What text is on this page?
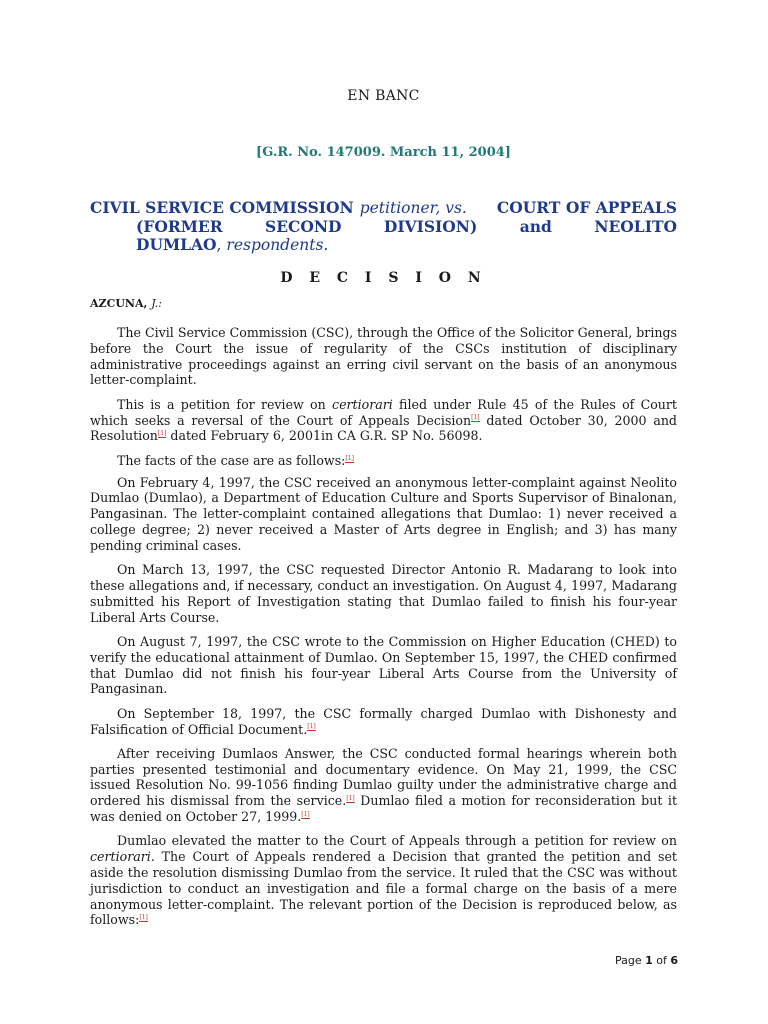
EN BANC
[G.R. No. 147009. March 11, 2004]
CIVIL SERVICE COMMISSION petitioner, vs. COURT OF APPEALS
(FORMER	SECOND	DIVISION)	and	NEOLITO
DUMLAO , respondents.
D E C I S I O N
AZCUNA, J.:

The Civil Service Commission (CSC), through the Office of the Solicitor General, brings before the Court the issue of regularity of the CSCs institution of disciplinary administrative proceedings against an erring civil servant on the basis of an anonymous letter-complaint.

This is a petition for review on certiorari filed under Rule 45 of the Rules of Court which seeks a reversal of the Court of Appeals Decision[1] dated October 30, 2000 and Resolution[1] dated February 6, 2001in CA G.R. SP No. 56098.

The facts of the case are as follows:[1]

On February 4, 1997, the CSC received an anonymous letter-complaint against Neolito Dumlao (Dumlao), a Department of Education Culture and Sports Supervisor of Binalonan, Pangasinan. The letter-complaint contained allegations that Dumlao: 1) never received a college degree; 2) never received a Master of Arts degree in English; and 3) has many pending criminal cases.

On March 13, 1997, the CSC requested Director Antonio R. Madarang to look into these allegations and, if necessary, conduct an investigation. On August 4, 1997, Madarang submitted his Report of Investigation stating that Dumlao failed to finish his four-year Liberal Arts Course.

On August 7, 1997, the CSC wrote to the Commission on Higher Education (CHED) to verify the educational attainment of Dumlao. On September 15, 1997, the CHED confirmed that Dumlao did not finish his four-year Liberal Arts Course from the University of Pangasinan.

On September 18, 1997, the CSC formally charged Dumlao with Dishonesty and Falsification of Official Document.[1]

After receiving Dumlaos Answer, the CSC conducted formal hearings wherein both parties presented testimonial and documentary evidence. On May 21, 1999, the CSC issued Resolution No. 99-1056 finding Dumlao guilty under the administrative charge and ordered his dismissal from the service.[1] Dumlao filed a motion for reconsideration but it was denied on October 27, 1999.[1]

Dumlao elevated the matter to the Court of Appeals through a petition for review on certiorari. The Court of Appeals rendered a Decision that granted the petition and set aside the resolution dismissing Dumlao from the service. It ruled that the CSC was without jurisdiction to conduct an investigation and file a formal charge on the basis of a mere anonymous letter-complaint. The relevant portion of the Decision is reproduced below, as follows:[1]

Page 1 of 6
